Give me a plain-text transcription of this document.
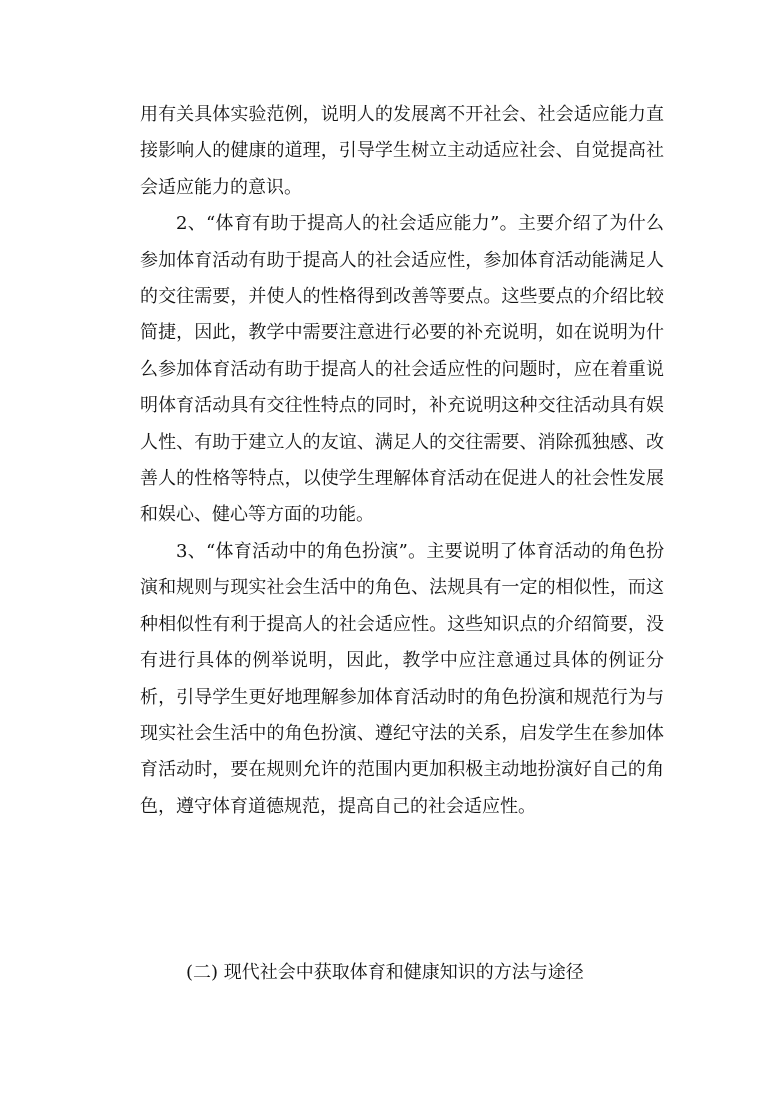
用有关具体实验范例，说明人的发展离不开社会、社会适应能力直接影响人的健康的道理，引导学生树立主动适应社会、自觉提高社会适应能力的意识。

2、“体育有助于提高人的社会适应能力”。主要介绍了为什么参加体育活动有助于提高人的社会适应性，参加体育活动能满足人的交往需要，并使人的性格得到改善等要点。这些要点的介绍比较简捷，因此，教学中需要注意进行必要的补充说明，如在说明为什么参加体育活动有助于提高人的社会适应性的问题时，应在着重说明体育活动具有交往性特点的同时，补充说明这种交往活动具有娱人性、有助于建立人的友谊、满足人的交往需要、消除孤独感、改善人的性格等特点，以使学生理解体育活动在促进人的社会性发展和娱心、健心等方面的功能。

3、“体育活动中的角色扮演”。主要说明了体育活动的角色扮演和规则与现实社会生活中的角色、法规具有一定的相似性，而这种相似性有利于提高人的社会适应性。这些知识点的介绍简要，没有进行具体的例举说明，因此，教学中应注意通过具体的例证分析，引导学生更好地理解参加体育活动时的角色扮演和规范行为与现实社会生活中的角色扮演、遵纪守法的关系，启发学生在参加体育活动时，要在规则允许的范围内更加积极主动地扮演好自己的角色，遵守体育道德规范，提高自己的社会适应性。

(二) 现代社会中获取体育和健康知识的方法与途径
